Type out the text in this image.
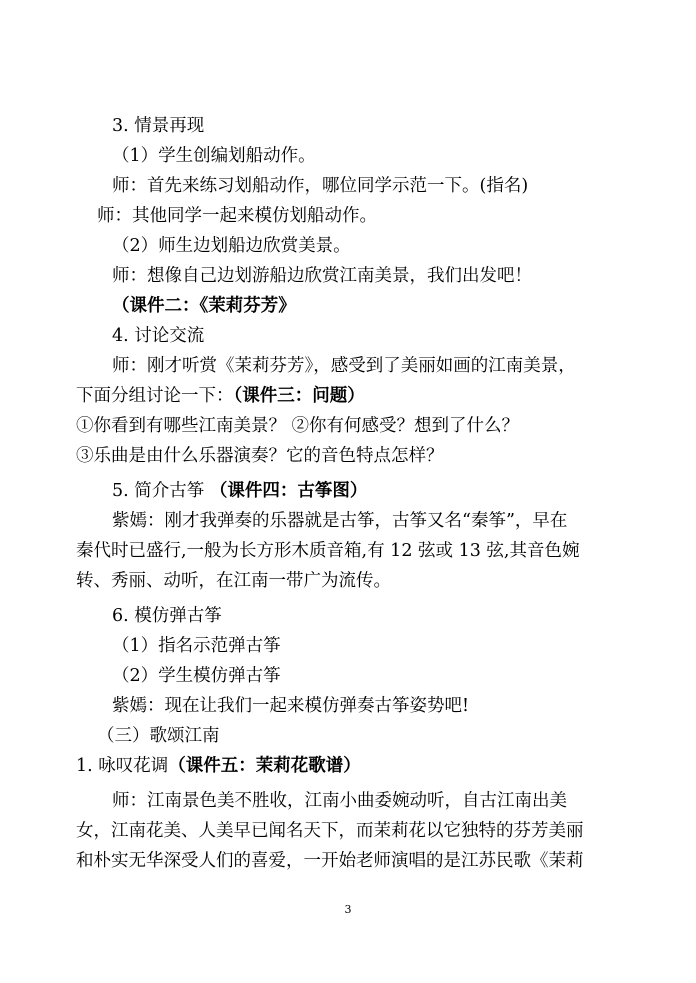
3. 情景再现
（1）学生创编划船动作。
师：首先来练习划船动作，哪位同学示范一下。(指名)
师：其他同学一起来模仿划船动作。
（2）师生边划船边欣赏美景。
师：想像自己边划游船边欣赏江南美景，我们出发吧！
（课件二：《茉莉芬芳》
4. 讨论交流
师：刚才听赏《茉莉芬芳》，感受到了美丽如画的江南美景，
下面分组讨论一下：（课件三：问题）
①你看到有哪些江南美景？ ②你有何感受？想到了什么？
③乐曲是由什么乐器演奏？它的音色特点怎样？
5. 简介古筝 （课件四：古筝图）
紫嫣：刚才我弹奏的乐器就是古筝，古筝又名“秦筝”，早在
秦代时已盛行,一般为长方形木质音箱,有 12 弦或 13 弦,其音色婉
转、秀丽、动听，在江南一带广为流传。
6. 模仿弹古筝
（1）指名示范弹古筝
（2）学生模仿弹古筝
紫嫣：现在让我们一起来模仿弹奏古筝姿势吧!
（三）歌颂江南
1. 咏叹花调（课件五：茉莉花歌谱）
师：江南景色美不胜收，江南小曲委婉动听，自古江南出美
女，江南花美、人美早已闻名天下，而茉莉花以它独特的芬芳美丽
和朴实无华深受人们的喜爱，一开始老师演唱的是江苏民歌《茉莉
3
